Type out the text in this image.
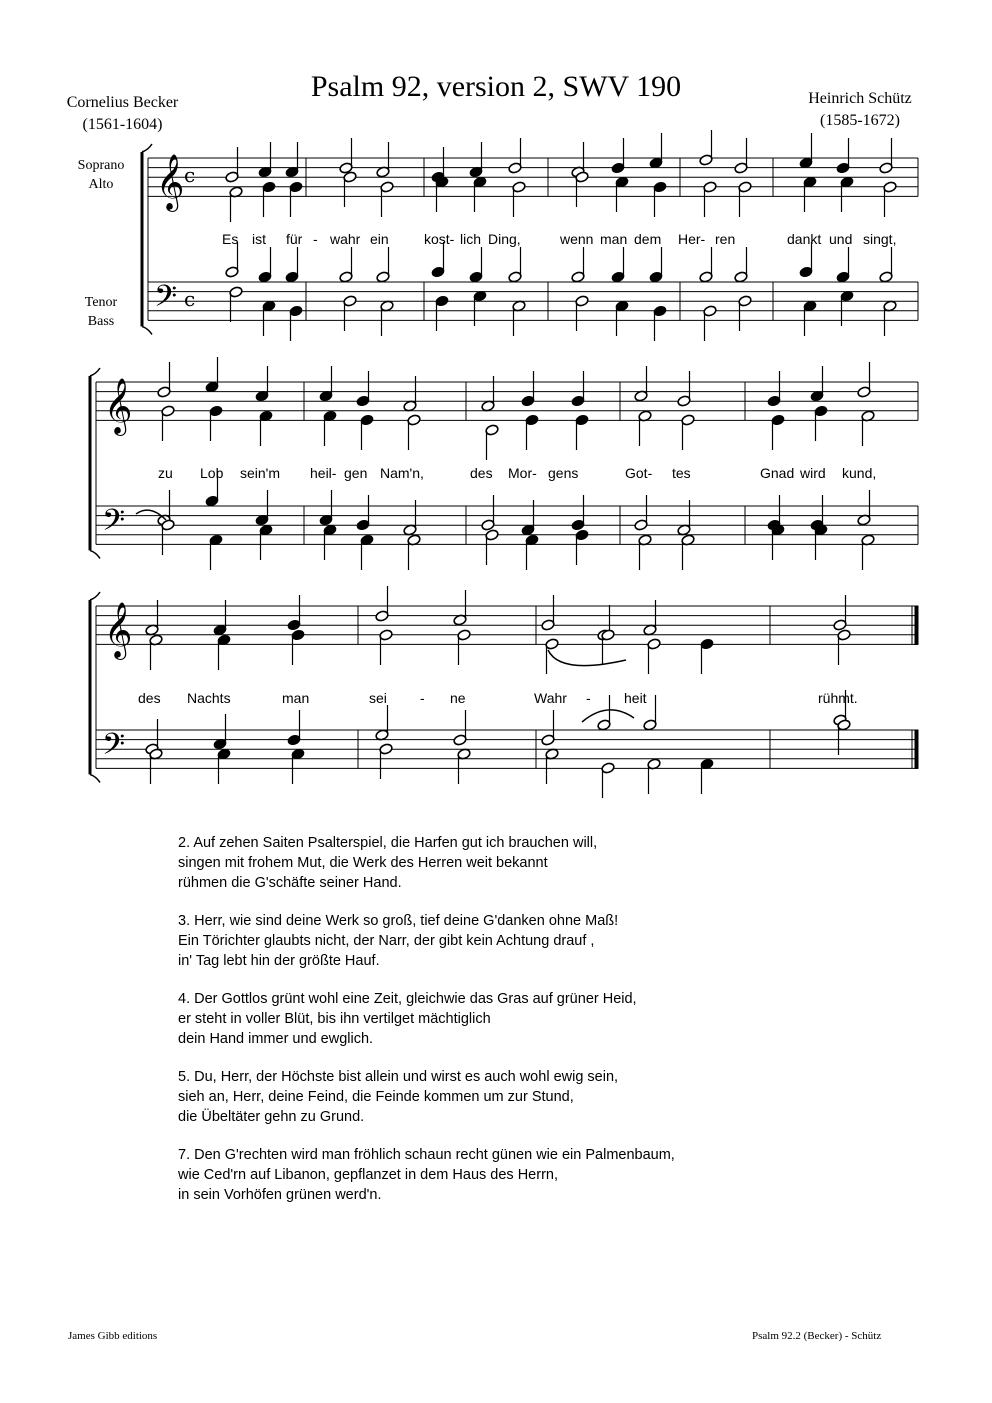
Psalm 92, version 2, SWV 190
Cornelius Becker
(1561-1604)
Heinrich Schütz
(1585-1672)
Soprano
Alto
Tenor
Bass
𝄞
𝄢
c
c
𝄞
𝄢
𝄞
𝄢
Es ist für - wahr ein	kost- lich Ding,	wenn man dem Her- ren	dankt und singt,
zu Lob sein'm heil- gen Nam'n,	des Mor- gens	Got- tes	Gnad wird kund,
des Nachts	man	sei - ne	Wahr - heit	rühmt.
2. Auf zehen Saiten Psalterspiel, die Harfen gut ich brauchen will,
singen mit frohem Mut, die Werk des Herren weit bekannt
rühmen die G'schäfte seiner Hand.
3. Herr, wie sind deine Werk so groß, tief deine G'danken ohne Maß!
Ein Törichter glaubts nicht, der Narr, der gibt kein Achtung drauf ,
in' Tag lebt hin der größte Hauf.
4. Der Gottlos grünt wohl eine Zeit, gleichwie das Gras auf grüner Heid,
er steht in voller Blüt, bis ihn vertilget mächtiglich
dein Hand immer und ewglich.
5. Du, Herr, der Höchste bist allein und wirst es auch wohl ewig sein,
sieh an, Herr, deine Feind, die Feinde kommen um zur Stund,
die Übeltäter gehn zu Grund.
7. Den G'rechten wird man fröhlich schaun recht günen wie ein Palmenbaum,
wie Ced'rn auf Libanon, gepflanzet in dem Haus des Herrn,
in sein Vorhöfen grünen werd'n.
James Gibb editions	Psalm 92.2 (Becker) - Schütz
